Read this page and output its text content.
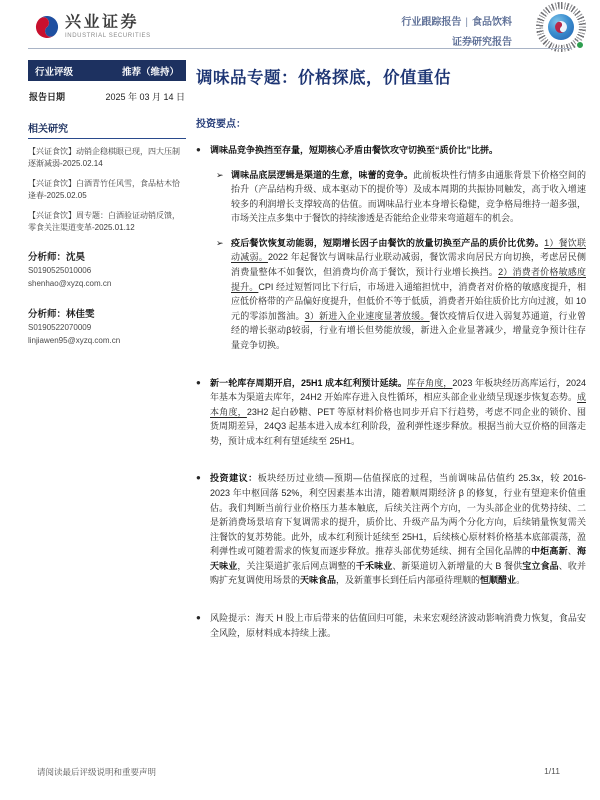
兴业证券
INDUSTRIAL SECURITIES
行业跟踪报告 | 食品饮料
证券研究报告
行业评级	推荐（维持）
报告日期	2025 年 03 月 14 日
相关研究
【兴证食饮】动销企稳棋眼已现，四大压制逐渐减弱-2025.02.14
【兴证食饮】白酒青竹任风雪，食品枯木恰逢春-2025.02.05
【兴证食饮】周专题：白酒验证动销反馈，零食关注渠道变革-2025.01.12
分析师：沈昊
S0190525010006
shenhao@xyzq.com.cn
分析师：林佳雯
S0190522070009
linjiawen95@xyzq.com.cn
调味品专题：价格探底，价值重估
投资要点：
● 调味品竞争换挡至存量，短期核心矛盾由餐饮攻守切换至“质价比”比拼。
➢ 调味品底层逻辑是渠道的生意，味蕾的竞争。此前板块性行情多由通胀背景下价格空间的抬升（产品结构升级、成本驱动下的提价等）及成本周期的共振协同触发，高于收入增速较多的利润增长支撑较高的估值。而调味品行业本身增长稳健，竞争格局维持一超多强，市场关注点多集中于餐饮的持续渗透是否能给企业带来弯道超车的机会。
➢ 疫后餐饮恢复动能弱，短期增长因子由餐饮的放量切换至产品的质价比优势。1）餐饮联动减弱。2022 年起餐饮与调味品行业联动减弱，餐饮需求向居民方向切换，考虑居民侧消费量整体不如餐饮，但消费均价高于餐饮，预计行业增长换挡。2）消费者价格敏感度提升。CPI 经过短暂同比下行后，市场进入通缩担忧中，消费者对价格的敏感度提升，相应低价格带的产品偏好度提升，但低价不等于低质，消费者开始往质价比方向过渡，如 10 元的零添加酱油。3）新进入企业速度显著放缓。餐饮疫情后仅进入弱复苏通道，行业曾经的增长驱动β较弱，行业有增长但势能放缓，新进入企业显著减少，增量竞争预计往存量竞争切换。
● 新一轮库存周期开启，25H1 成本红利预计延续。库存角度，2023 年板块经历高库运行，2024 年基本为渠道去库年，24H2 开始库存进入良性循环，相应头部企业业绩呈现逐步恢复态势。成本角度，23H2 起白砂糖、PET 等原材料价格也同步开启下行趋势，考虑不同企业的锁价、囤货周期差异，24Q3 起基本进入成本红利阶段，盈利弹性逐步释放。根据当前大豆价格的回落走势，预计成本红利有望延续至 25H1。
● 投资建议：板块经历过业绩—预期—估值探底的过程，当前调味品估值约 25.3x，较 2016-2023 年中枢回落 52%，利空因素基本出清，随着顺周期经济 β 的修复，行业有望迎来价值重估。我们判断当前行业价格压力基本触底，后续关注两个方向，一为头部企业的优势持续、二是新消费场景培育下复调需求的提升，质价比、升级产品为两个分化方向，后续销量恢复需关注餐饮的复苏势能。此外，成本红利预计延续至 25H1，后续核心原材料价格基本底部震荡，盈利弹性或可随着需求的恢复而逐步释放。推荐头部优势延续、拥有全国化品牌的中炬高新、海天味业，关注渠道扩张后网点调整的千禾味业、新渠道切入新增量的大 B 餐供宝立食品、收并购扩充复调使用场景的天味食品，及新董事长到任后内部亟待理顺的恒顺醋业。
● 风险提示：海天 H 股上市后带来的估值回归可能，未来宏观经济波动影响消费力恢复，食品安全风险，原材料成本持续上涨。
请阅读最后评级说明和重要声明	1/11
